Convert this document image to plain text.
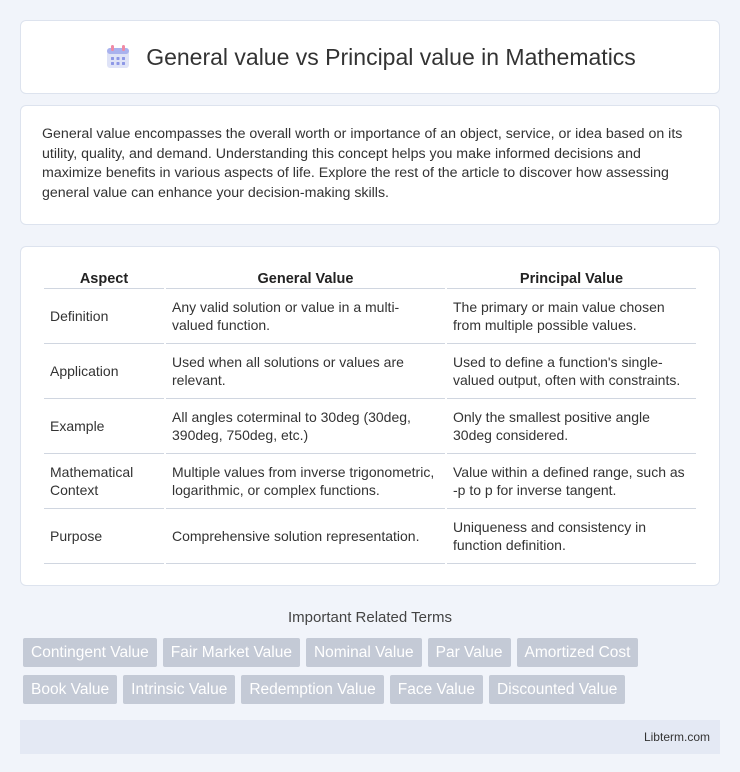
General value vs Principal value in Mathematics

General value encompasses the overall worth or importance of an object, service, or idea based on its utility, quality, and demand. Understanding this concept helps you make informed decisions and maximize benefits in various aspects of life. Explore the rest of the article to discover how assessing general value can enhance your decision-making skills.

Aspect	General Value	Principal Value
Definition	Any valid solution or value in a multi-valued function.	The primary or main value chosen from multiple possible values.
Application	Used when all solutions or values are relevant.	Used to define a function's single-valued output, often with constraints.
Example	All angles coterminal to 30deg (30deg, 390deg, 750deg, etc.)	Only the smallest positive angle 30deg considered.
Mathematical Context	Multiple values from inverse trigonometric, logarithmic, or complex functions.	Value within a defined range, such as -p to p for inverse tangent.
Purpose	Comprehensive solution representation.	Uniqueness and consistency in function definition.
Important Related Terms
Contingent Value	Fair Market Value	Nominal Value	Par Value	Amortized Cost
Book Value	Intrinsic Value	Redemption Value	Face Value	Discounted Value
Libterm.com
